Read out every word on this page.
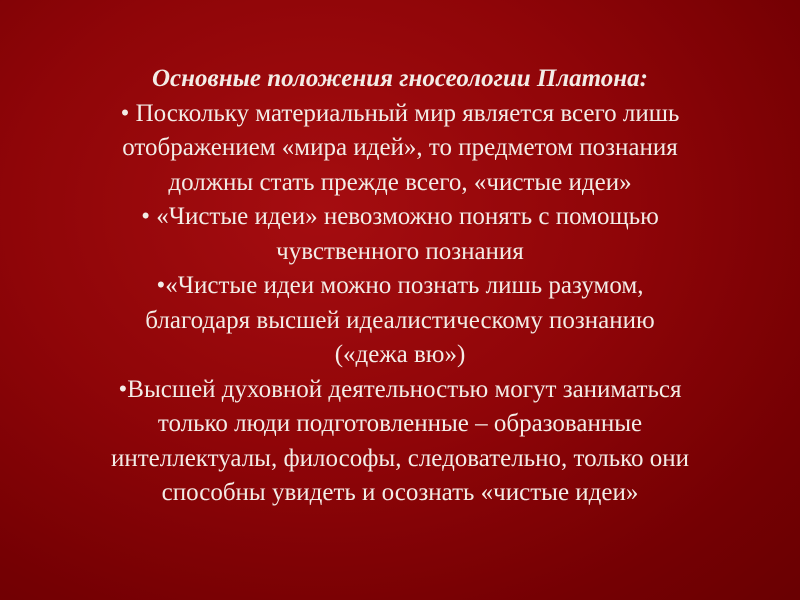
Основные положения гносеологии Платона:
• Поскольку материальный мир является всего лишь
отображением «мира идей», то предметом познания
должны стать прежде всего, «чистые идеи»
• «Чистые идеи» невозможно понять с помощью
чувственного познания
•«Чистые идеи можно познать лишь разумом,
благодаря высшей идеалистическому познанию
(«дежа вю»)
•Высшей духовной деятельностью могут заниматься
только люди подготовленные – образованные
интеллектуалы, философы, следовательно, только они
способны увидеть и осознать «чистые идеи»
